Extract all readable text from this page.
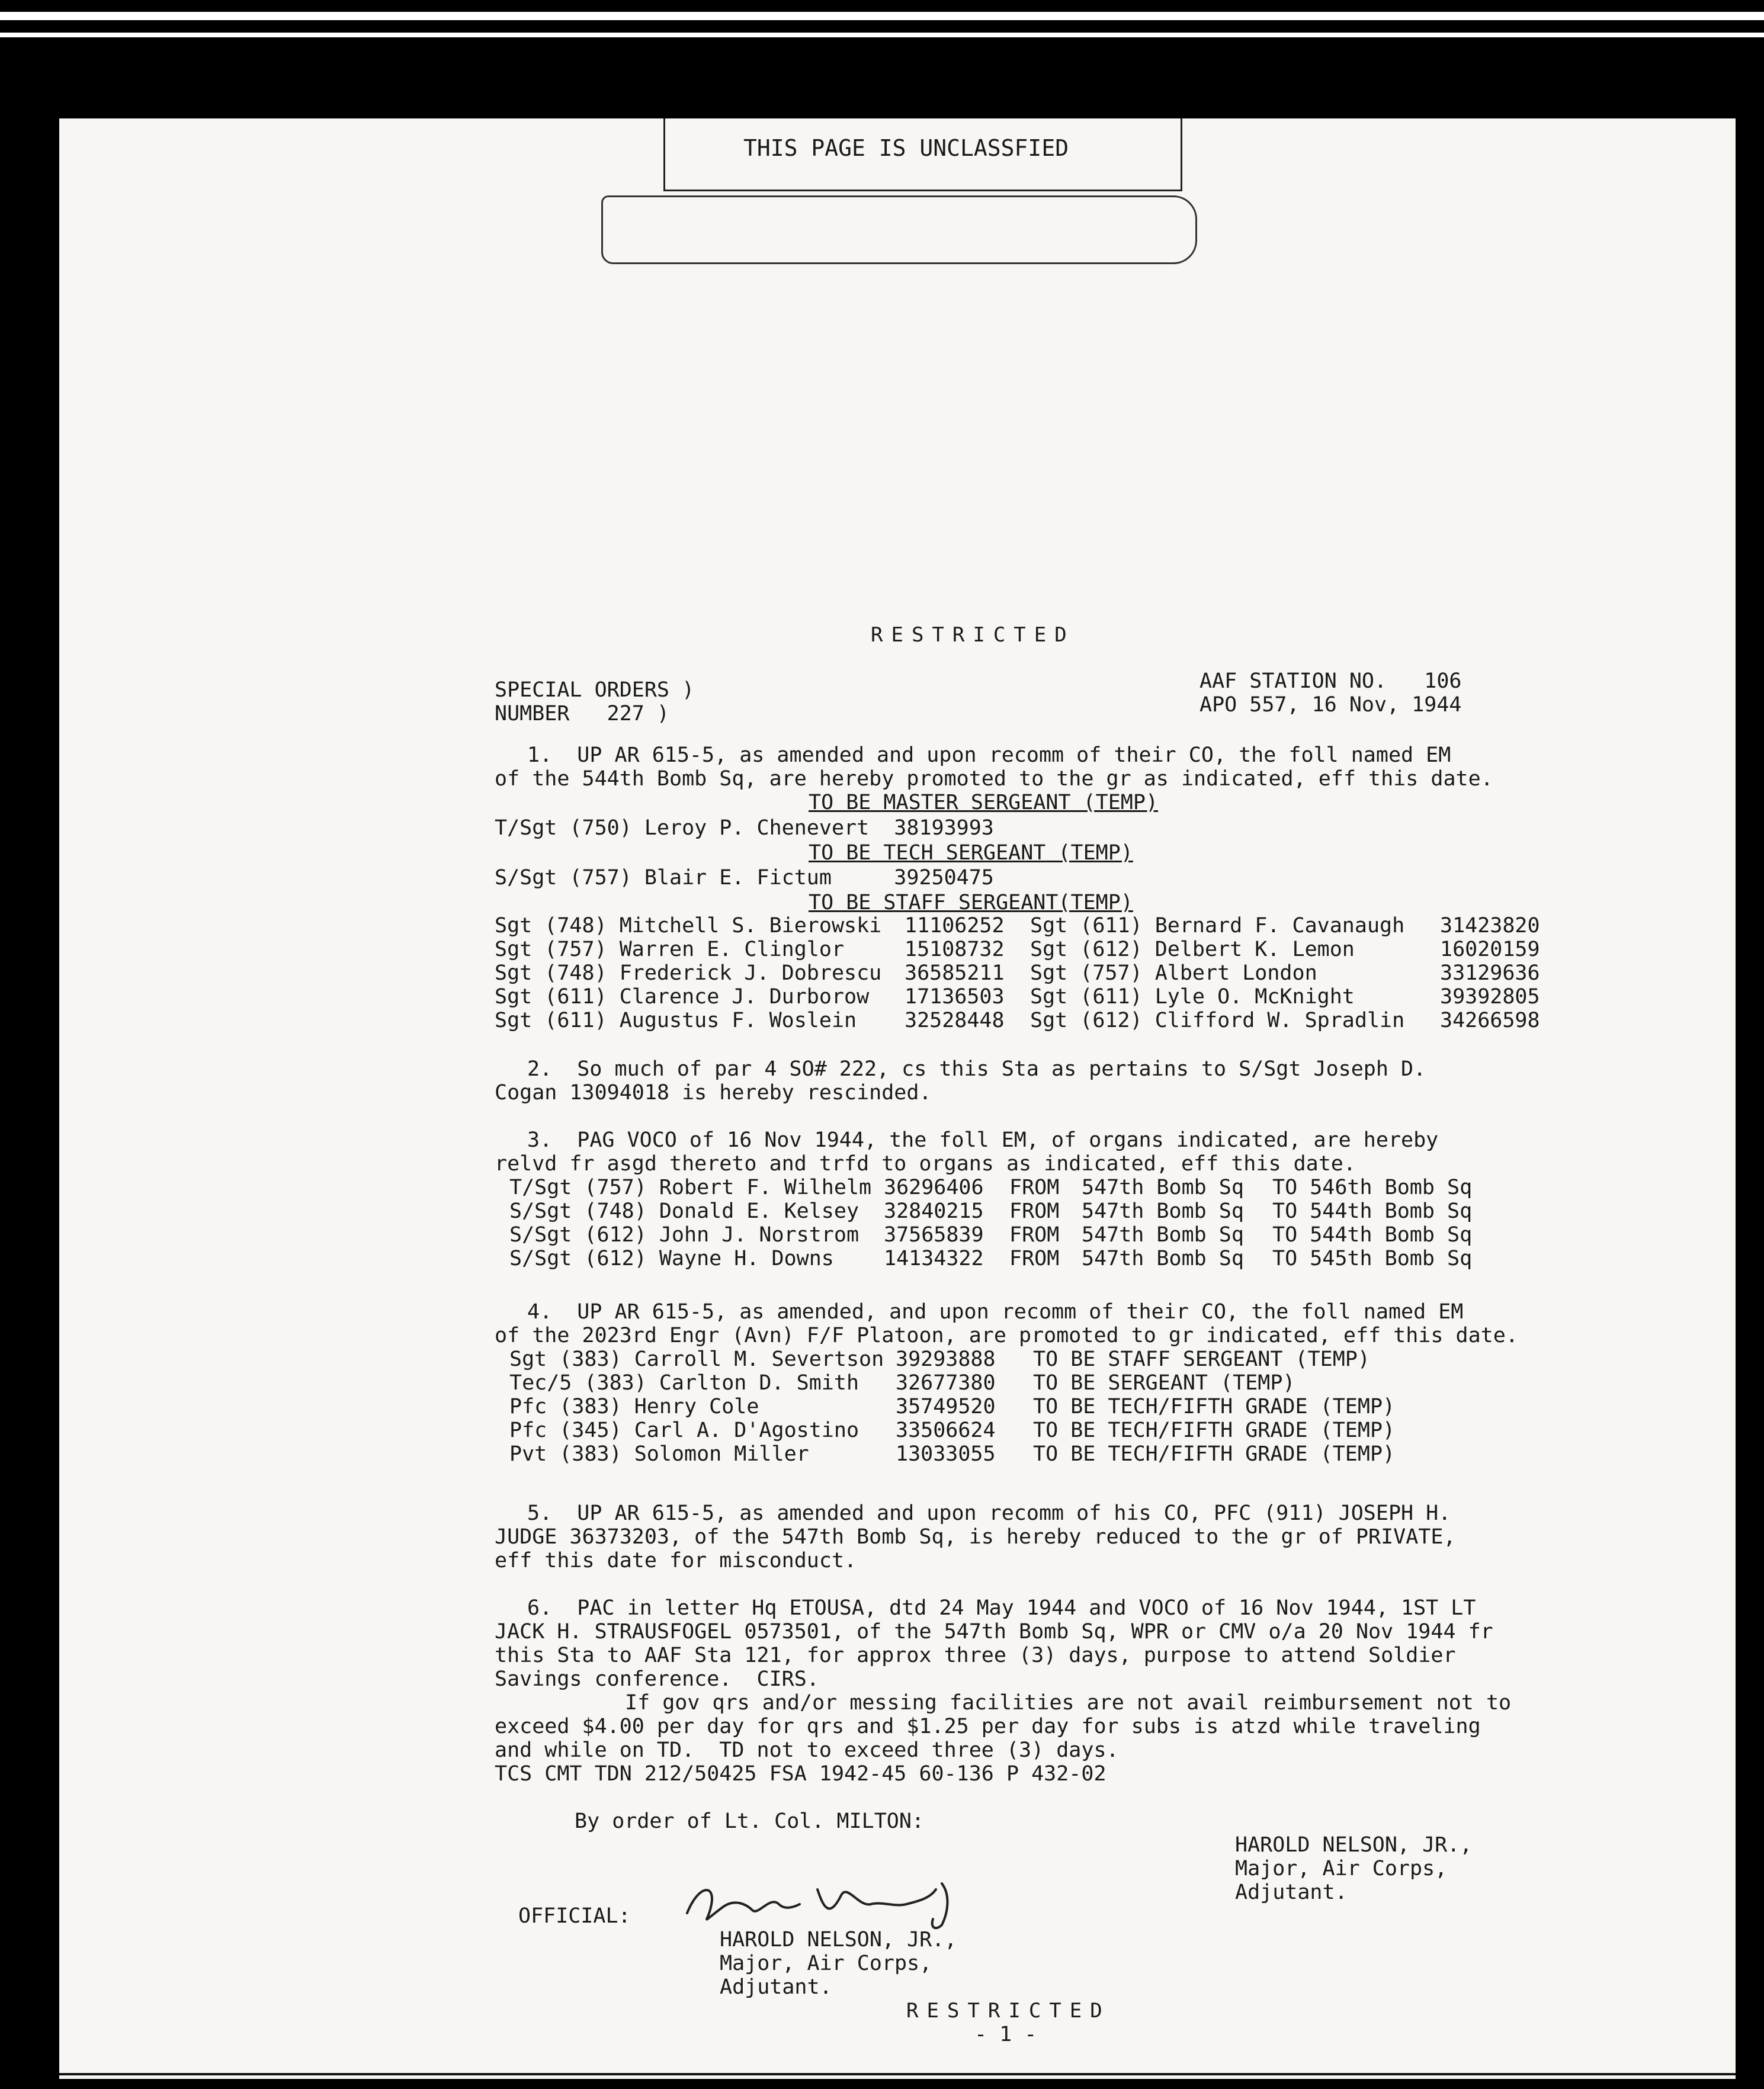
THIS PAGE IS UNCLASSFIED
RESTRICTED
SPECIAL ORDERS )
NUMBER   227 )
AAF STATION NO.   106
APO 557, 16 Nov, 1944
1.  UP AR 615-5, as amended and upon recomm of their CO, the foll named EM
of the 544th Bomb Sq, are hereby promoted to the gr as indicated, eff this date.
TO BE MASTER SERGEANT (TEMP)
T/Sgt (750) Leroy P. Chenevert  38193993
TO BE TECH SERGEANT (TEMP)
S/Sgt (757) Blair E. Fictum     39250475
TO BE STAFF SERGEANT(TEMP)
Sgt (748) Mitchell S. Bierowski	11106252	Sgt (611) Bernard F. Cavanaugh	31423820
Sgt (757) Warren E. Clinglor	15108732	Sgt (612) Delbert K. Lemon	16020159
Sgt (748) Frederick J. Dobrescu	36585211	Sgt (757) Albert London	33129636
Sgt (611) Clarence J. Durborow	17136503	Sgt (611) Lyle O. McKnight	39392805
Sgt (611) Augustus F. Woslein	32528448	Sgt (612) Clifford W. Spradlin	34266598
2.  So much of par 4 SO# 222, cs this Sta as pertains to S/Sgt Joseph D.
Cogan 13094018 is hereby rescinded.
3.  PAG VOCO of 16 Nov 1944, the foll EM, of organs indicated, are hereby
relvd fr asgd thereto and trfd to organs as indicated, eff this date.
T/Sgt (757) Robert F. Wilhelm	36296406	FROM	547th Bomb Sq	TO 546th Bomb Sq
S/Sgt (748) Donald E. Kelsey	32840215	FROM	547th Bomb Sq	TO 544th Bomb Sq
S/Sgt (612) John J. Norstrom	37565839	FROM	547th Bomb Sq	TO 544th Bomb Sq
S/Sgt (612) Wayne H. Downs	14134322	FROM	547th Bomb Sq	TO 545th Bomb Sq
4.  UP AR 615-5, as amended, and upon recomm of their CO, the foll named EM
of the 2023rd Engr (Avn) F/F Platoon, are promoted to gr indicated, eff this date.
Sgt (383) Carroll M. Severtson	39293888	TO BE STAFF SERGEANT (TEMP)
Tec/5 (383) Carlton D. Smith	32677380	TO BE SERGEANT (TEMP)
Pfc (383) Henry Cole	35749520	TO BE TECH/FIFTH GRADE (TEMP)
Pfc (345) Carl A. D'Agostino	33506624	TO BE TECH/FIFTH GRADE (TEMP)
Pvt (383) Solomon Miller	13033055	TO BE TECH/FIFTH GRADE (TEMP)
5.  UP AR 615-5, as amended and upon recomm of his CO, PFC (911) JOSEPH H.
JUDGE 36373203, of the 547th Bomb Sq, is hereby reduced to the gr of PRIVATE,
eff this date for misconduct.
6.  PAC in letter Hq ETOUSA, dtd 24 May 1944 and VOCO of 16 Nov 1944, 1ST LT
JACK H. STRAUSFOGEL 0573501, of the 547th Bomb Sq, WPR or CMV o/a 20 Nov 1944 fr
this Sta to AAF Sta 121, for approx three (3) days, purpose to attend Soldier
Savings conference.  CIRS.
If gov qrs and/or messing facilities are not avail reimbursement not to
exceed $4.00 per day for qrs and $1.25 per day for subs is atzd while traveling
and while on TD.  TD not to exceed three (3) days.
TCS CMT TDN 212/50425 FSA 1942-45 60-136 P 432-02
By order of Lt. Col. MILTON:
HAROLD NELSON, JR.,
Major, Air Corps,
Adjutant.
OFFICIAL:
HAROLD NELSON, JR.,
Major, Air Corps,
Adjutant.
RESTRICTED
- 1 -
